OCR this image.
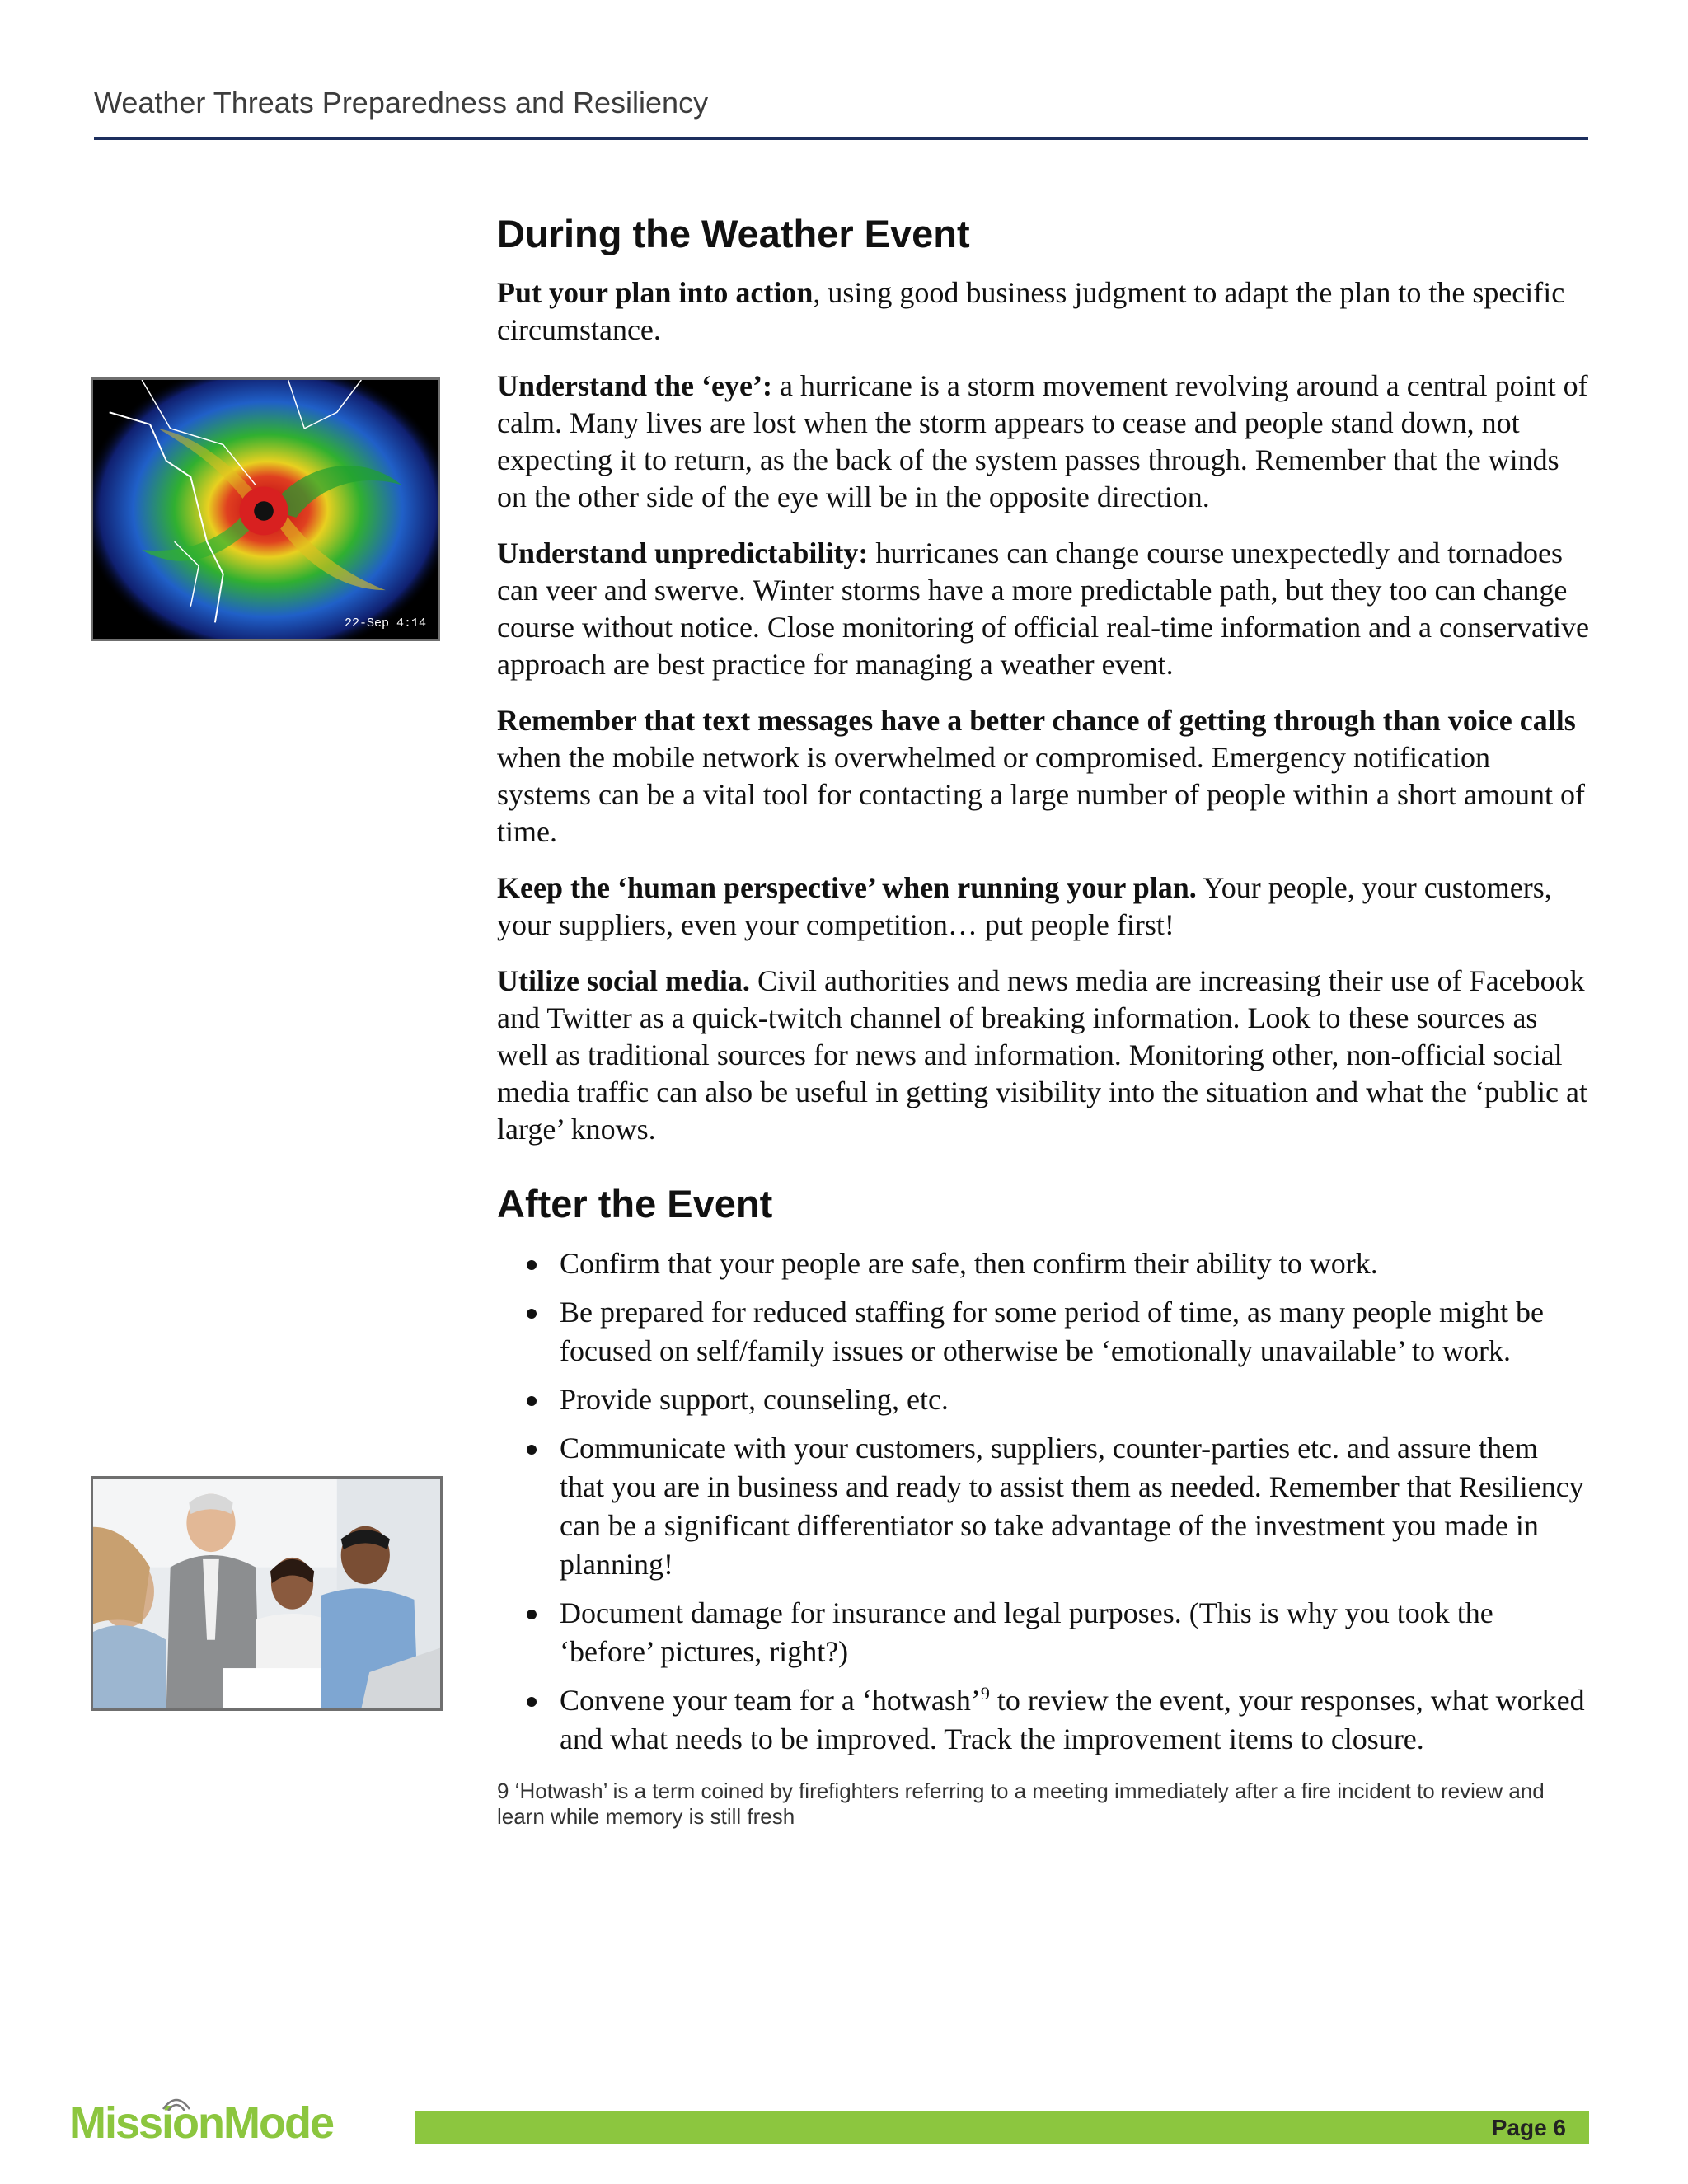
Weather Threats Preparedness and Resiliency
22-Sep 4:14
During the Weather Event

Put your plan into action, using good business judgment to adapt the plan to the specific circumstance.

Understand the ‘eye’: a hurricane is a storm movement revolving around a central point of calm. Many lives are lost when the storm appears to cease and people stand down, not expecting it to return, as the back of the system passes through. Remember that the winds on the other side of the eye will be in the opposite direction.

Understand unpredictability: hurricanes can change course unexpectedly and tornadoes can veer and swerve. Winter storms have a more predictable path, but they too can change course without notice. Close monitoring of official real-time information and a conservative approach are best practice for managing a weather event.

Remember that text messages have a better chance of getting through than voice calls when the mobile network is overwhelmed or compromised. Emergency notification systems can be a vital tool for contacting a large number of people within a short amount of time.

Keep the ‘human perspective’ when running your plan. Your people, your customers, your suppliers, even your competition… put people first!

Utilize social media. Civil authorities and news media are increasing their use of Facebook and Twitter as a quick-twitch channel of breaking information. Look to these sources as well as traditional sources for news and information. Monitoring other, non-official social media traffic can also be useful in getting visibility into the situation and what the ‘public at large’ knows.

After the Event
Confirm that your people are safe, then confirm their ability to work.
Be prepared for reduced staffing for some period of time, as many people might be focused on self/family issues or otherwise be ‘emotionally unavailable’ to work.
Provide support, counseling, etc.
Communicate with your customers, suppliers, counter-parties etc. and assure them that you are in business and ready to assist them as needed. Remember that Resiliency can be a significant differentiator so take advantage of the investment you made in planning!
Document damage for insurance and legal purposes. (This is why you took the ‘before’ pictures, right?)
Convene your team for a ‘hotwash’$^9$ to review the event, your responses, what worked and what needs to be improved. Track the improvement items to closure.
9 ‘Hotwash’ is a term coined by firefighters referring to a meeting immediately after a fire incident to review and learn while memory is still fresh
MissionMode	Page 6
